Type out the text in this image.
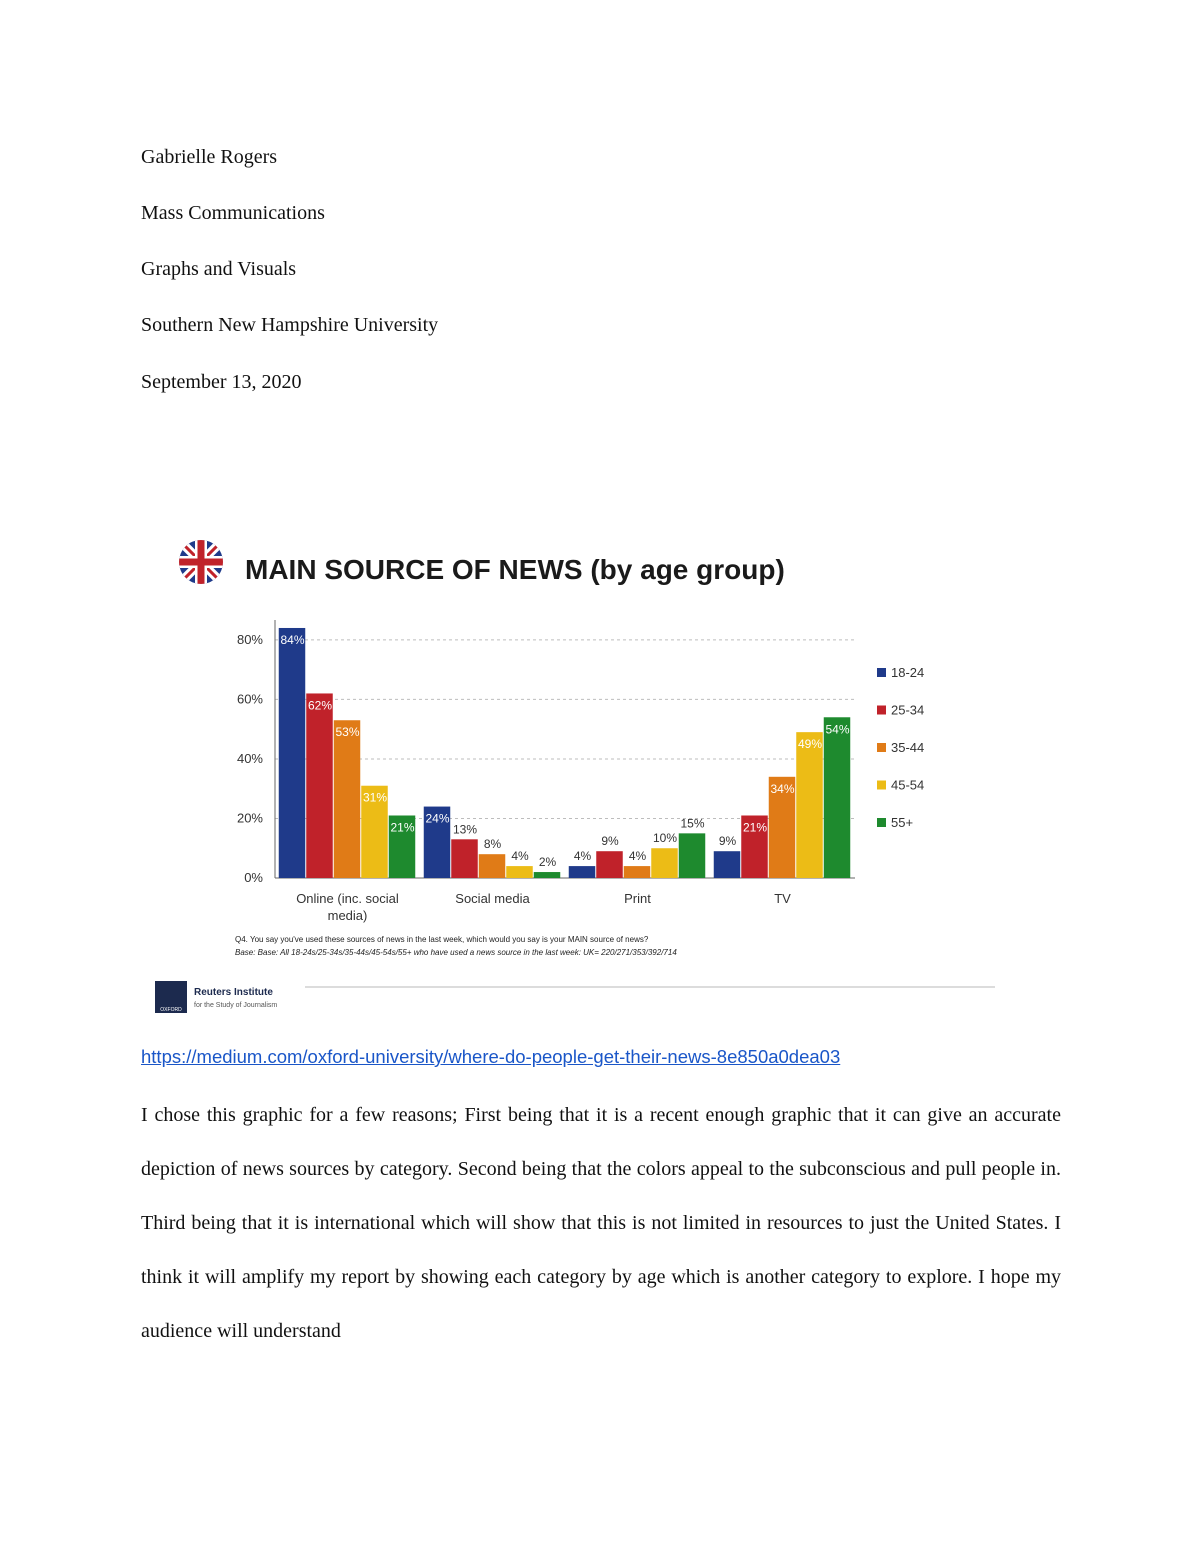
Gabrielle Rogers
Mass Communications
Graphs and Visuals
Southern New Hampshire University
September 13, 2020
MAIN SOURCE OF NEWS (by age group)
0%
20%
40%
60%
80% 84%
62%
53%
31%
21%
24%
13%
8%
4% 2% 4%
9%
4%
10%
15%
9%
21%
34%
49%
54%
Online (inc. social
media)
Social media	Print	TV
18-24
25-34
35-44
45-54
55+
Q4. You say you've used these sources of news in the last week, which would you say is your MAIN source of news?
Base: Base: All 18-24s/25-34s/35-44s/45-54s/55+ who have used a news source in the last week: UK= 220/271/353/392/714
OXFORD
Reuters Institute
for the Study of Journalism
https://medium.com/oxford-university/where-do-people-get-their-news-8e850a0dea03
I chose this graphic for a few reasons; First being that it is a recent enough graphic that it can give an accurate depiction of news sources by category. Second being that the colors appeal to the subconscious and pull people in. Third being that it is international which will show that this is not limited in resources to just the United States. I think it will amplify my report by showing each category by age which is another category to explore. I hope my audience will understand
